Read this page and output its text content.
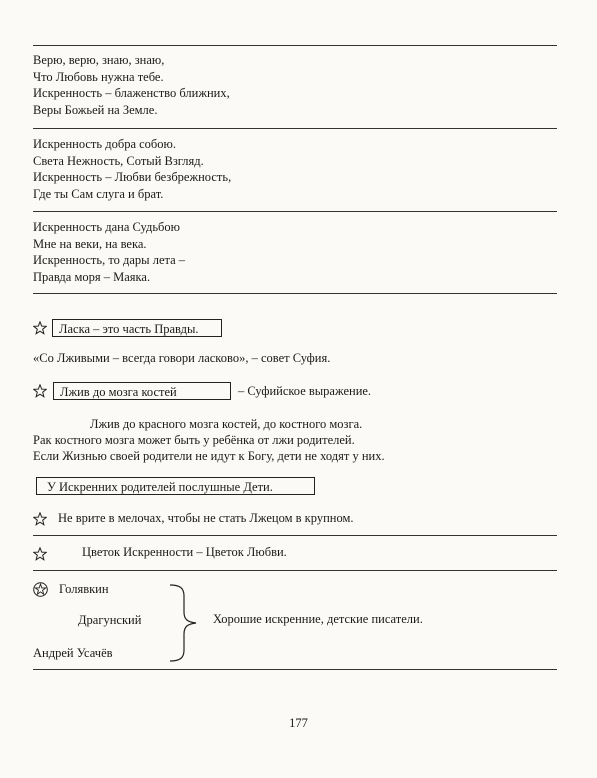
Верю, верю, знаю, знаю,
Что Любовь нужна тебе.
Искренность – блаженство ближних,
Веры Божьей на Земле.
Искренность добра собою.
Света Нежность, Сотый Взгляд.
Искренность – Любви безбрежность,
Где ты Сам слуга и брат.
Искренность дана Судьбою
Мне на веки, на века.
Искренность, то дары лета –
Правда моря – Маяка.
Ласка – это часть Правды.
«Со Лживыми – всегда говори ласково», – совет Суфия.
Лжив до мозга костей	– Суфийское выражение.
Лжив до красного мозга костей, до костного мозга.
Рак костного мозга может быть у ребёнка от лжи родителей.
Если Жизнью своей родители не идут к Богу, дети не ходят у них.
У Искренних родителей послушные Дети.
Не врите в мелочах, чтобы не стать Лжецом в крупном.
Цветок Искренности – Цветок Любви.
Голявкин
Драгунский
Андрей Усачёв
Хорошие искренние, детские писатели.
177
